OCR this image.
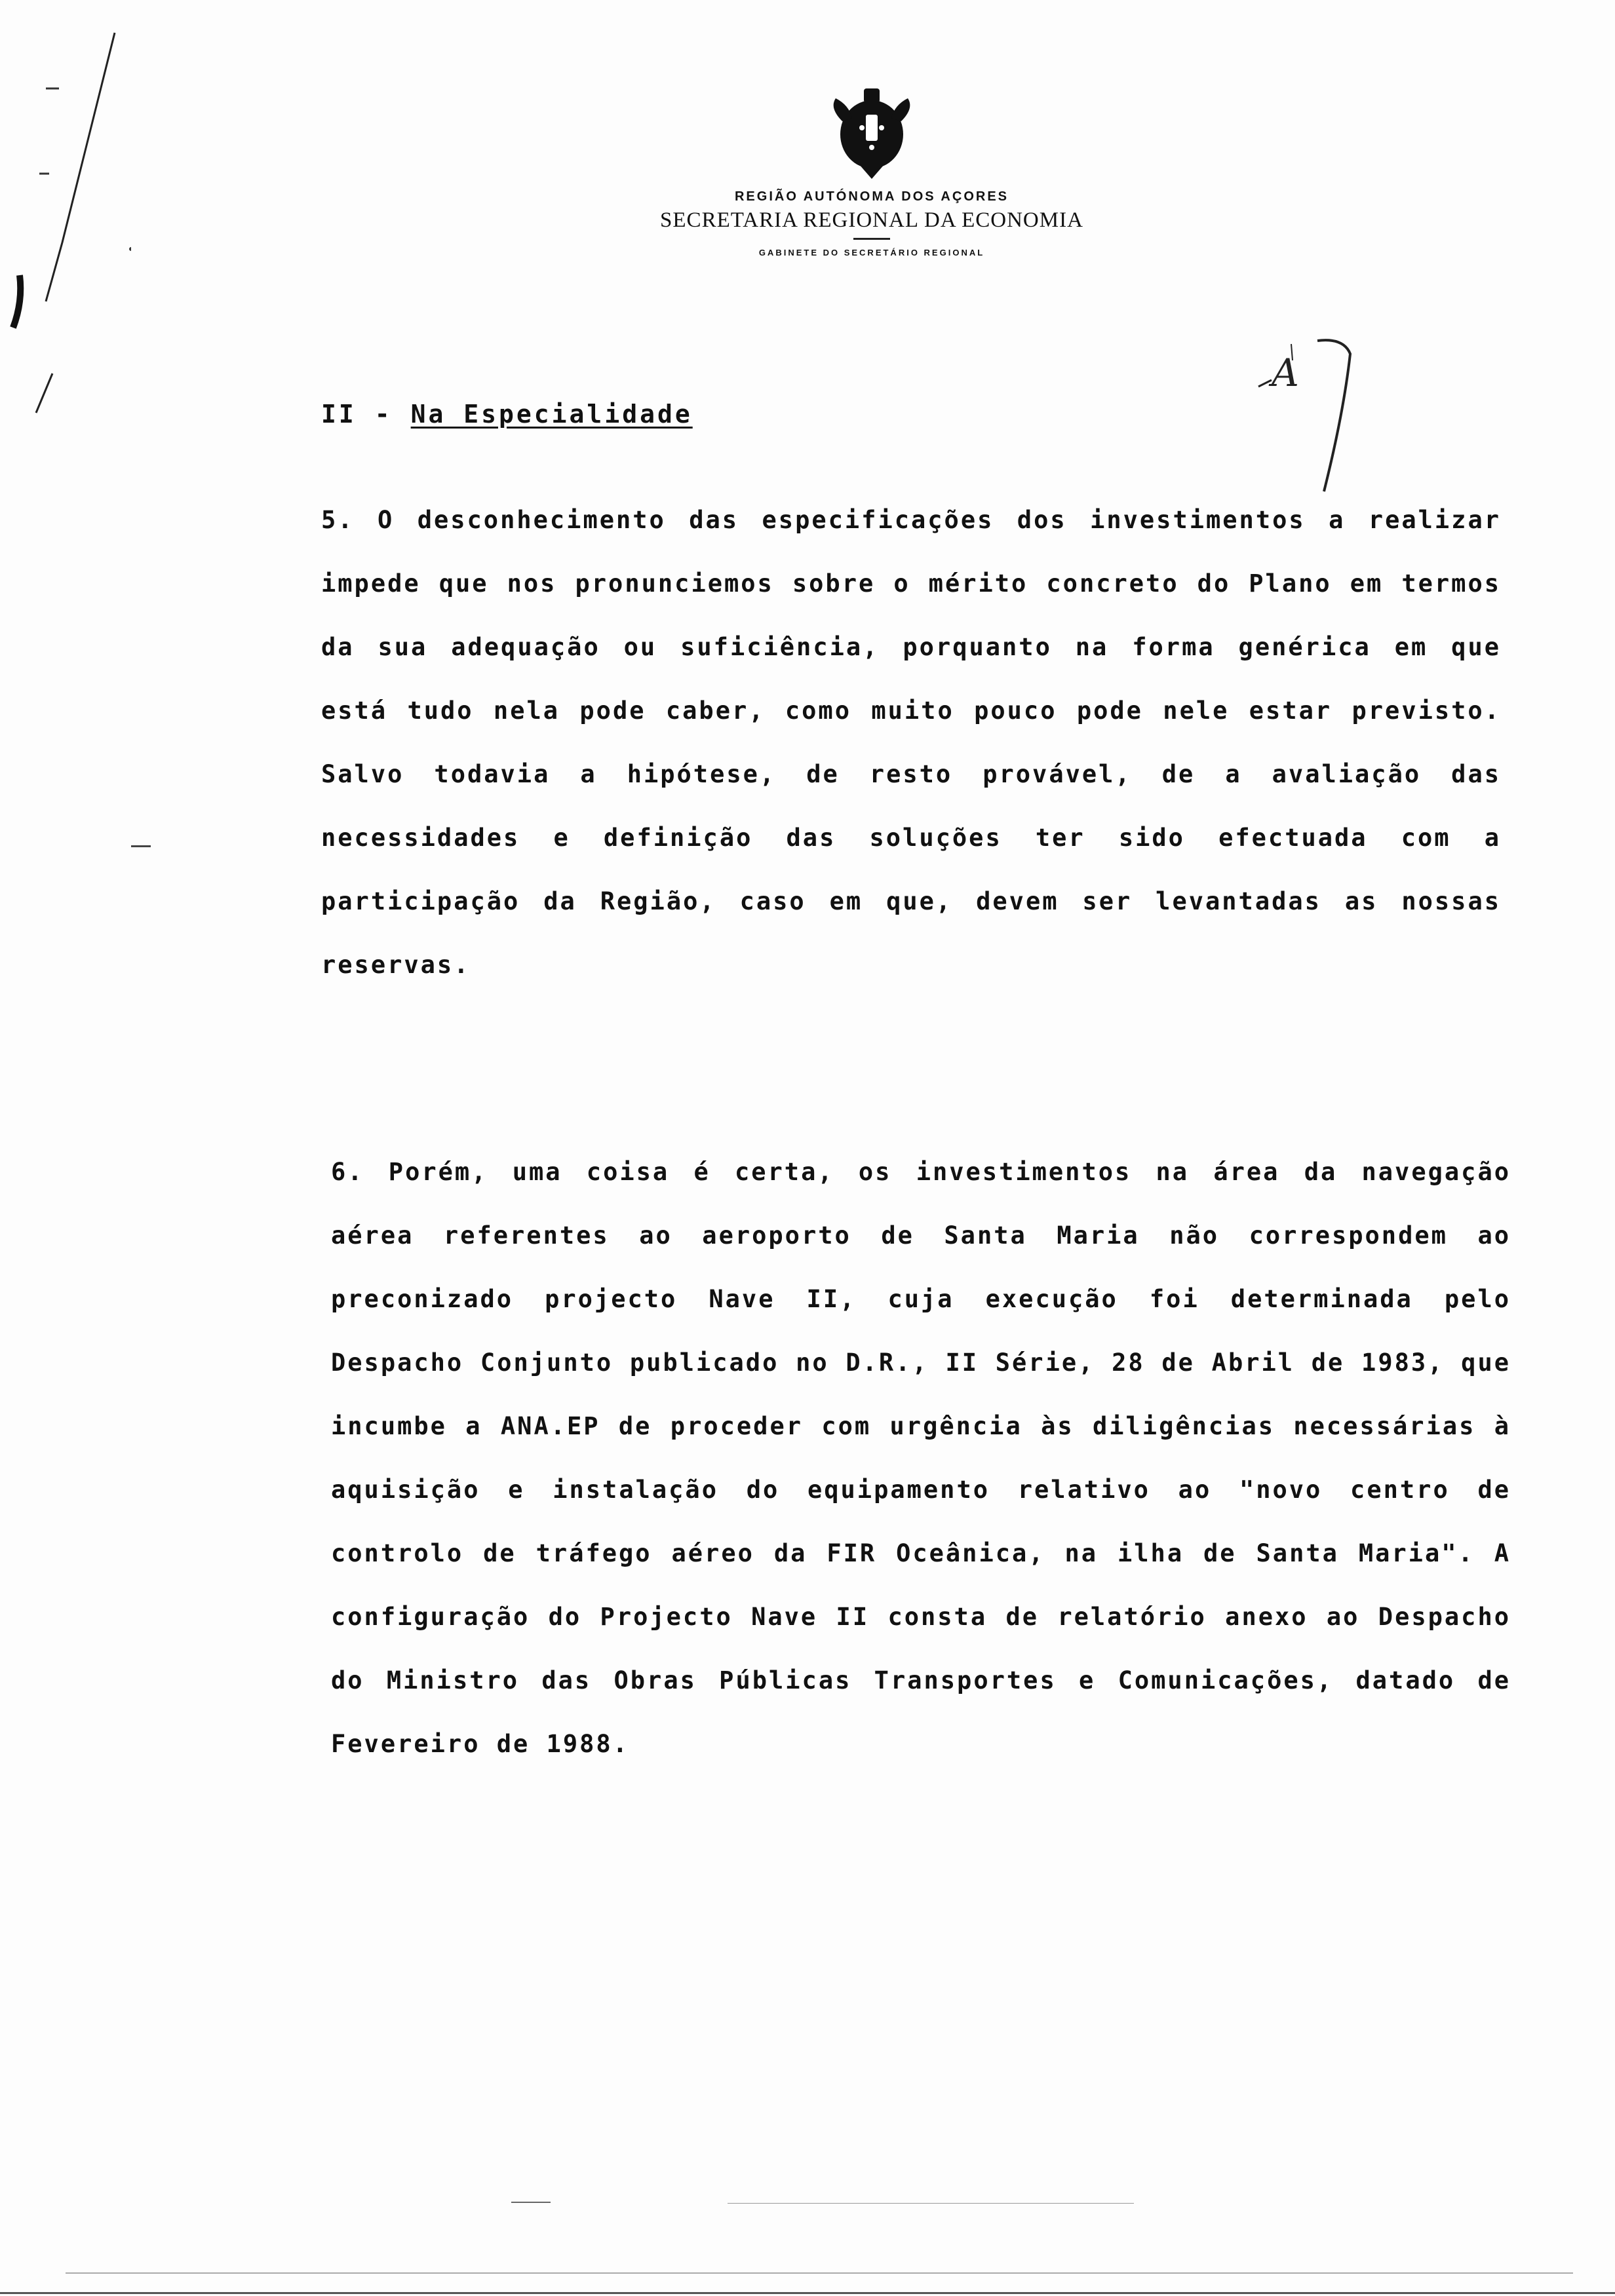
REGIÃO AUTÓNOMA DOS AÇORES
SECRETARIA REGIONAL DA ECONOMIA
GABINETE DO SECRETÁRIO REGIONAL
A
II - Na Especialidade

5. O desconhecimento das especificações dos investimentos a realizar impede que nos pronunciemos sobre o mérito concreto do Plano em termos da sua adequação ou suficiência, porquanto na forma genérica em que está tudo nela pode caber, como muito pouco pode nele estar previsto. Salvo todavia a hipótese, de resto provável, de a avaliação das necessidades e definição das soluções ter sido efectuada com a participação da Região, caso em que, devem ser levantadas as nossas reservas.

6. Porém, uma coisa é certa, os investimentos na área da navegação aérea referentes ao aeroporto de Santa Maria não correspondem ao preconizado projecto Nave II, cuja execução foi determinada pelo Despacho Conjunto publicado no D.R., II Série, 28 de Abril de 1983, que incumbe a ANA.EP de proceder com urgência às diligências necessárias à aquisição e instalação do equipamento relativo ao "novo centro de controlo de tráfego aéreo da FIR Oceânica, na ilha de Santa Maria". A configuração do Projecto Nave II consta de relatório anexo ao Despacho do Ministro das Obras Públicas Transportes e Comunicações, datado de Fevereiro de 1988.
